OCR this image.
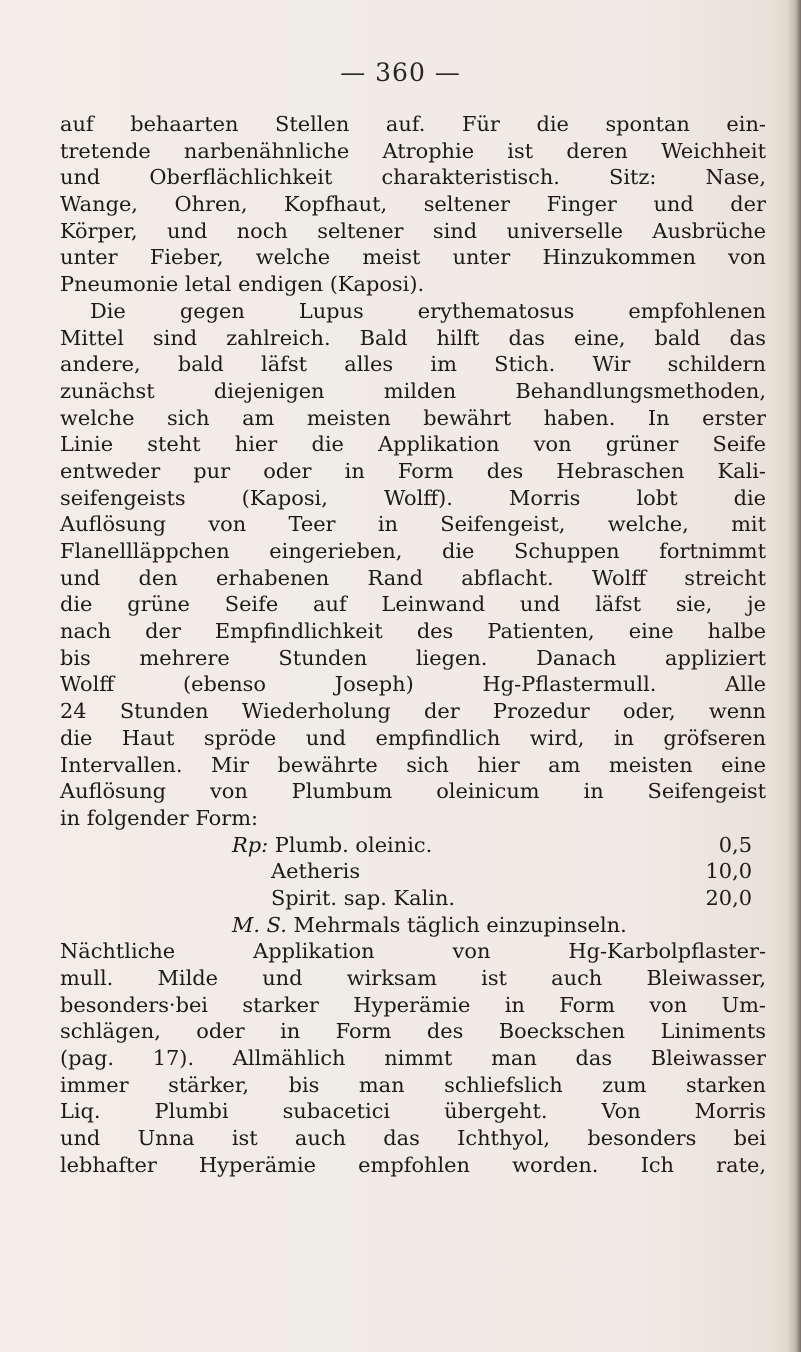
— 360 —
auf behaarten Stellen auf. Für die spontan ein-
tretende narbenähnliche Atrophie ist deren Weichheit
und Oberflächlichkeit charakteristisch. Sitz: Nase,
Wange, Ohren, Kopfhaut, seltener Finger und der
Körper, und noch seltener sind universelle Ausbrüche
unter Fieber, welche meist unter Hinzukommen von
Pneumonie letal endigen (Kaposi).
Die gegen Lupus erythematosus empfohlenen
Mittel sind zahlreich. Bald hilft das eine, bald das
andere, bald läfst alles im Stich. Wir schildern
zunächst diejenigen milden Behandlungsmethoden,
welche sich am meisten bewährt haben. In erster
Linie steht hier die Applikation von grüner Seife
entweder pur oder in Form des Hebraschen Kali-
seifengeists (Kaposi, Wolff). Morris lobt die
Auflösung von Teer in Seifengeist, welche, mit
Flanellläppchen eingerieben, die Schuppen fortnimmt
und den erhabenen Rand abflacht. Wolff streicht
die grüne Seife auf Leinwand und läfst sie, je
nach der Empfindlichkeit des Patienten, eine halbe
bis mehrere Stunden liegen. Danach appliziert
Wolff (ebenso Joseph) Hg-Pflastermull. Alle
24 Stunden Wiederholung der Prozedur oder, wenn
die Haut spröde und empfindlich wird, in gröfseren
Intervallen. Mir bewährte sich hier am meisten eine
Auflösung von Plumbum oleinicum in Seifengeist
in folgender Form:
Rp: Plumb. oleinic.	0,5
Aetheris	10,0
Spirit. sap. Kalin.	20,0
M. S. Mehrmals täglich einzupinseln.
Nächtliche Applikation von Hg-Karbolpflaster-
mull. Milde und wirksam ist auch Bleiwasser,
besonders·bei starker Hyperämie in Form von Um-
schlägen, oder in Form des Boeckschen Liniments
(pag. 17). Allmählich nimmt man das Bleiwasser
immer stärker, bis man schliefslich zum starken
Liq. Plumbi subacetici übergeht. Von Morris
und Unna ist auch das Ichthyol, besonders bei
lebhafter Hyperämie empfohlen worden. Ich rate,
